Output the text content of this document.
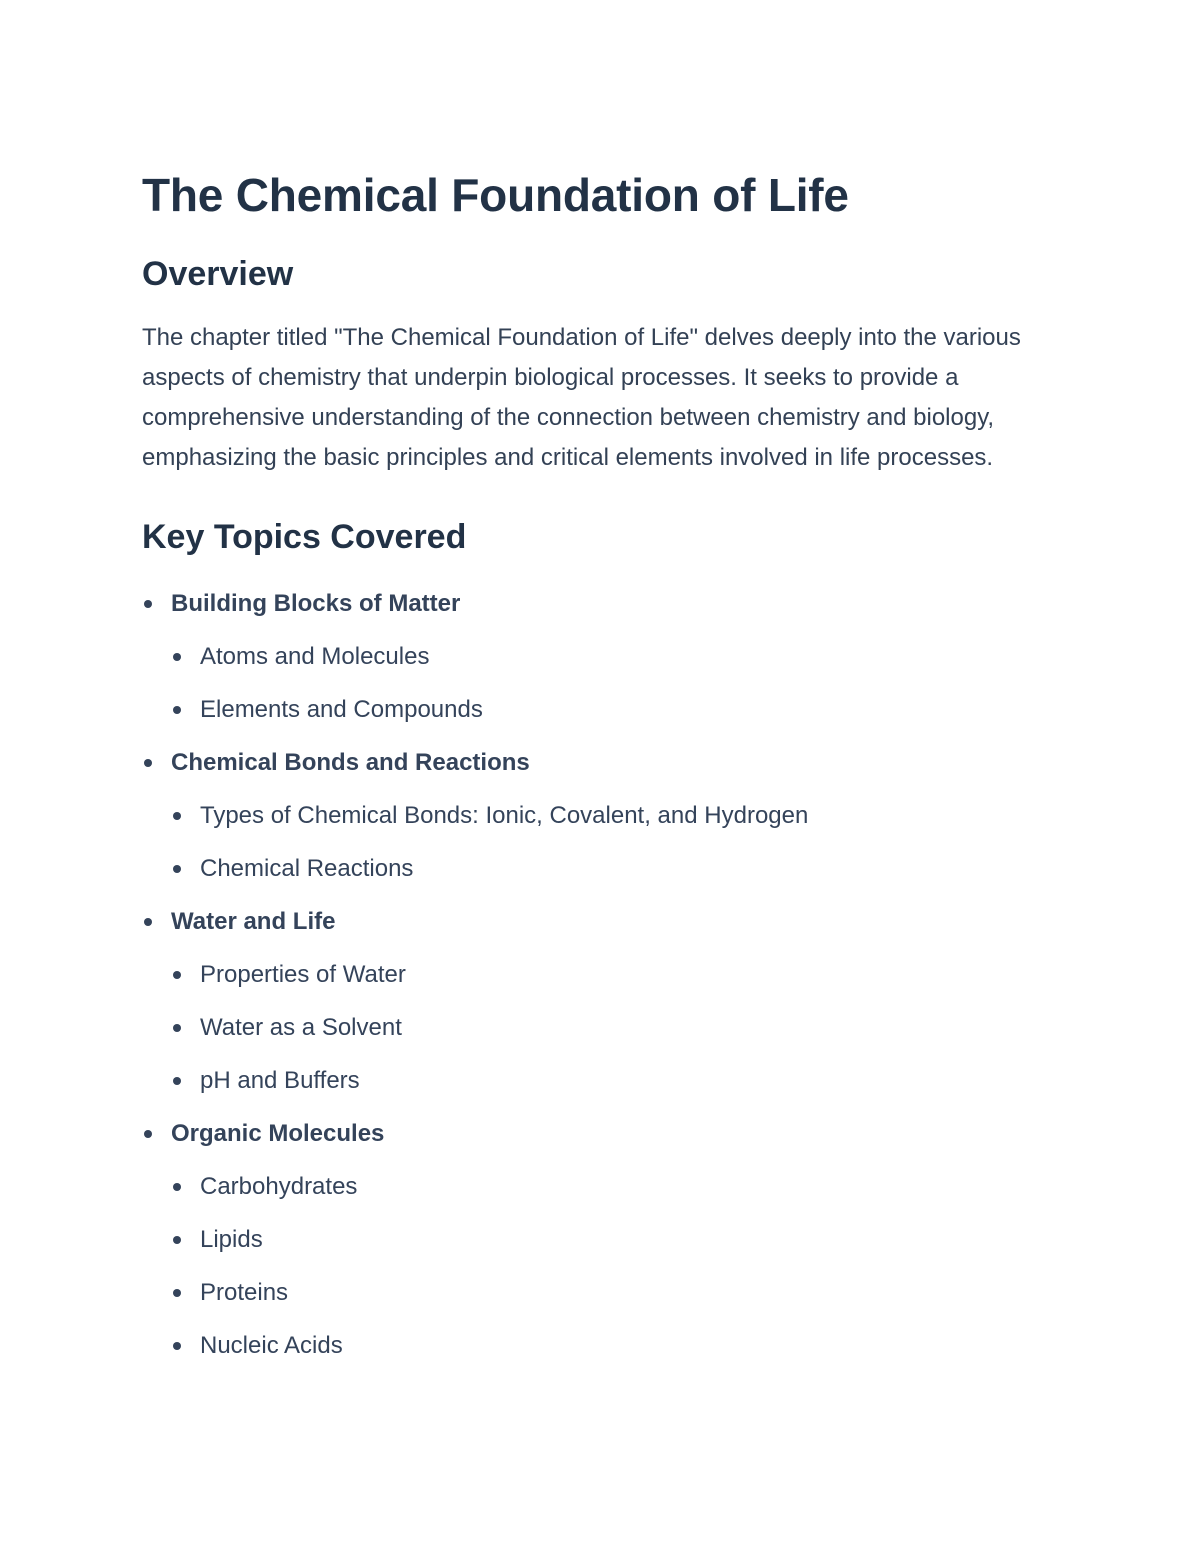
The Chemical Foundation of Life
Overview

The chapter titled "The Chemical Foundation of Life" delves deeply into the various aspects of chemistry that underpin biological processes. It seeks to provide a comprehensive understanding of the connection between chemistry and biology, emphasizing the basic principles and critical elements involved in life processes.

Key Topics Covered
Building Blocks of Matter
Atoms and Molecules
Elements and Compounds
Chemical Bonds and Reactions
Types of Chemical Bonds: Ionic, Covalent, and Hydrogen
Chemical Reactions
Water and Life
Properties of Water
Water as a Solvent
pH and Buffers
Organic Molecules
Carbohydrates
Lipids
Proteins
Nucleic Acids
